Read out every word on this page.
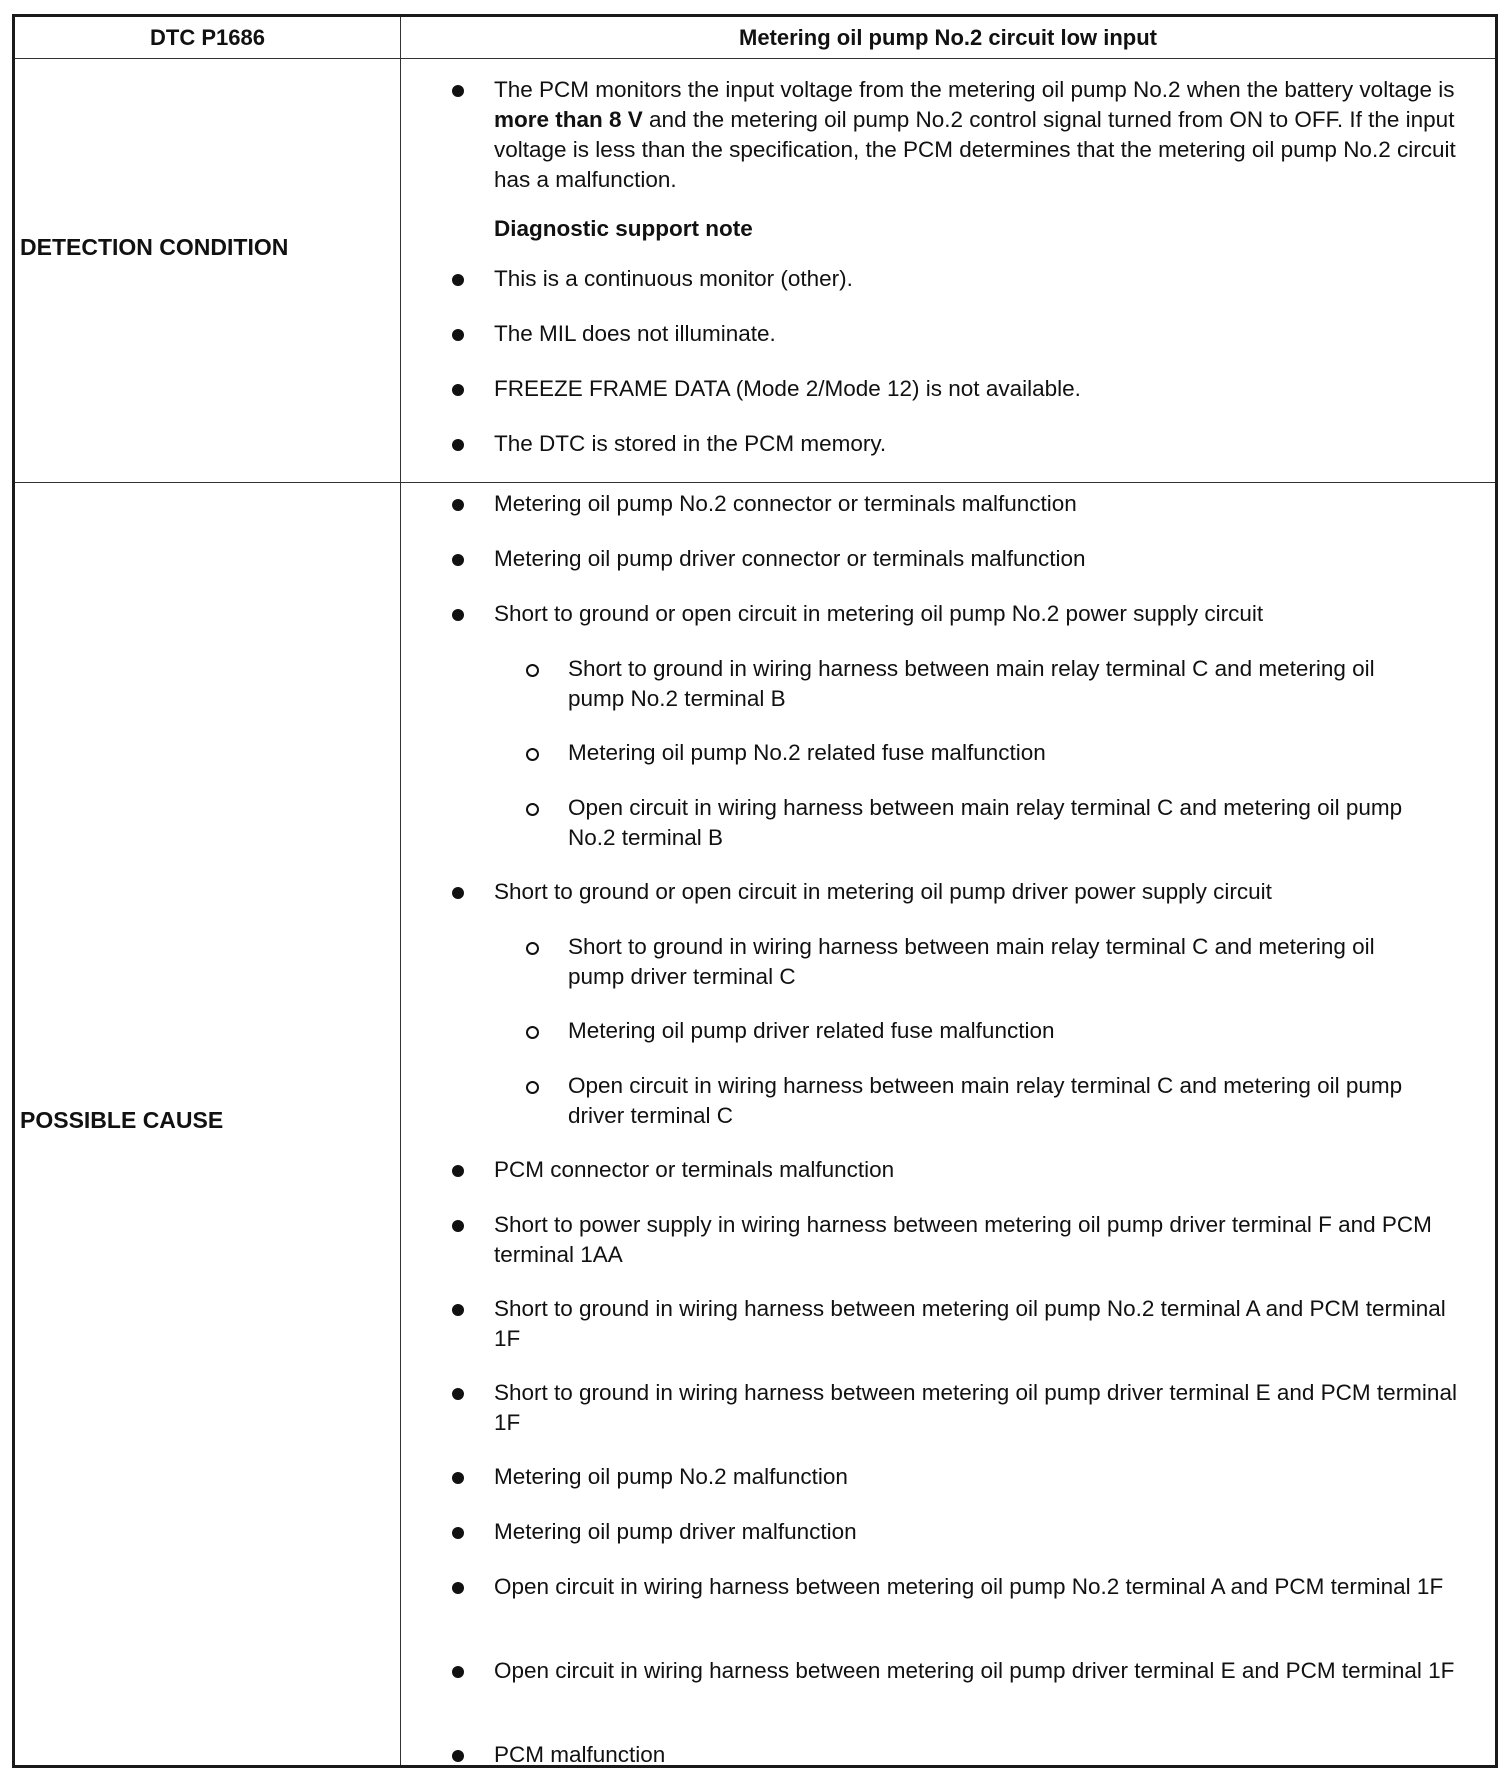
DTC P1686	Metering oil pump No.2 circuit low input
DETECTION CONDITION
The PCM monitors the input voltage from the metering oil pump No.2 when the battery voltage is more than 8 V and the metering oil pump No.2 control signal turned from ON to OFF. If the input voltage is less than the specification, the PCM determines that the metering oil pump No.2 circuit has a malfunction.
Diagnostic support note
This is a continuous monitor (other).
The MIL does not illuminate.
FREEZE FRAME DATA (Mode 2/Mode 12) is not available.
The DTC is stored in the PCM memory.
POSSIBLE CAUSE
Metering oil pump No.2 connector or terminals malfunction
Metering oil pump driver connector or terminals malfunction
Short to ground or open circuit in metering oil pump No.2 power supply circuit
Short to ground in wiring harness between main relay terminal C and metering oil pump No.2 terminal B
Metering oil pump No.2 related fuse malfunction
Open circuit in wiring harness between main relay terminal C and metering oil pump No.2 terminal B
Short to ground or open circuit in metering oil pump driver power supply circuit
Short to ground in wiring harness between main relay terminal C and metering oil pump driver terminal C
Metering oil pump driver related fuse malfunction
Open circuit in wiring harness between main relay terminal C and metering oil pump driver terminal C
PCM connector or terminals malfunction
Short to power supply in wiring harness between metering oil pump driver terminal F and PCM terminal 1AA
Short to ground in wiring harness between metering oil pump No.2 terminal A and PCM terminal 1F
Short to ground in wiring harness between metering oil pump driver terminal E and PCM terminal 1F
Metering oil pump No.2 malfunction
Metering oil pump driver malfunction
Open circuit in wiring harness between metering oil pump No.2 terminal A and PCM terminal 1F
Open circuit in wiring harness between metering oil pump driver terminal E and PCM terminal 1F
PCM malfunction
